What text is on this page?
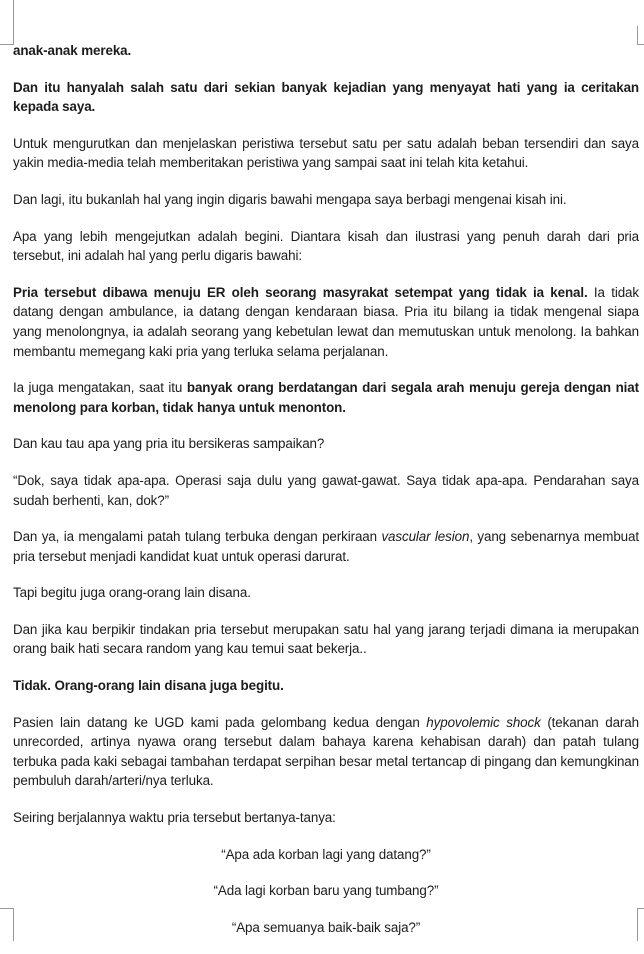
anak-anak mereka.

Dan itu hanyalah salah satu dari sekian banyak kejadian yang menyayat hati yang ia ceritakan kepada saya.

Untuk mengurutkan dan menjelaskan peristiwa tersebut satu per satu adalah beban tersendiri dan saya yakin media-media telah memberitakan peristiwa yang sampai saat ini telah kita ketahui.

Dan lagi, itu bukanlah hal yang ingin digaris bawahi mengapa saya berbagi mengenai kisah ini.

Apa yang lebih mengejutkan adalah begini. Diantara kisah dan ilustrasi yang penuh darah dari pria tersebut, ini adalah hal yang perlu digaris bawahi:

Pria tersebut dibawa menuju ER oleh seorang masyrakat setempat yang tidak ia kenal. Ia tidak datang dengan ambulance, ia datang dengan kendaraan biasa. Pria itu bilang ia tidak mengenal siapa yang menolongnya, ia adalah seorang yang kebetulan lewat dan memutuskan untuk menolong. Ia bahkan membantu memegang kaki pria yang terluka selama perjalanan.

Ia juga mengatakan, saat itu banyak orang berdatangan dari segala arah menuju gereja dengan niat menolong para korban, tidak hanya untuk menonton.

Dan kau tau apa yang pria itu bersikeras sampaikan?

“Dok, saya tidak apa-apa. Operasi saja dulu yang gawat-gawat. Saya tidak apa-apa. Pendarahan saya sudah berhenti, kan, dok?”

Dan ya, ia mengalami patah tulang terbuka dengan perkiraan vascular lesion, yang sebenarnya membuat pria tersebut menjadi kandidat kuat untuk operasi darurat.

Tapi begitu juga orang-orang lain disana.

Dan jika kau berpikir tindakan pria tersebut merupakan satu hal yang jarang terjadi dimana ia merupakan orang baik hati secara random yang kau temui saat bekerja..

Tidak. Orang-orang lain disana juga begitu.

Pasien lain datang ke UGD kami pada gelombang kedua dengan hypovolemic shock (tekanan darah unrecorded, artinya nyawa orang tersebut dalam bahaya karena kehabisan darah) dan patah tulang terbuka pada kaki sebagai tambahan terdapat serpihan besar metal tertancap di pingang dan kemungkinan pembuluh darah/arteri/nya terluka.

Seiring berjalannya waktu pria tersebut bertanya-tanya:

“Apa ada korban lagi yang datang?”

“Ada lagi korban baru yang tumbang?”

“Apa semuanya baik-baik saja?”
